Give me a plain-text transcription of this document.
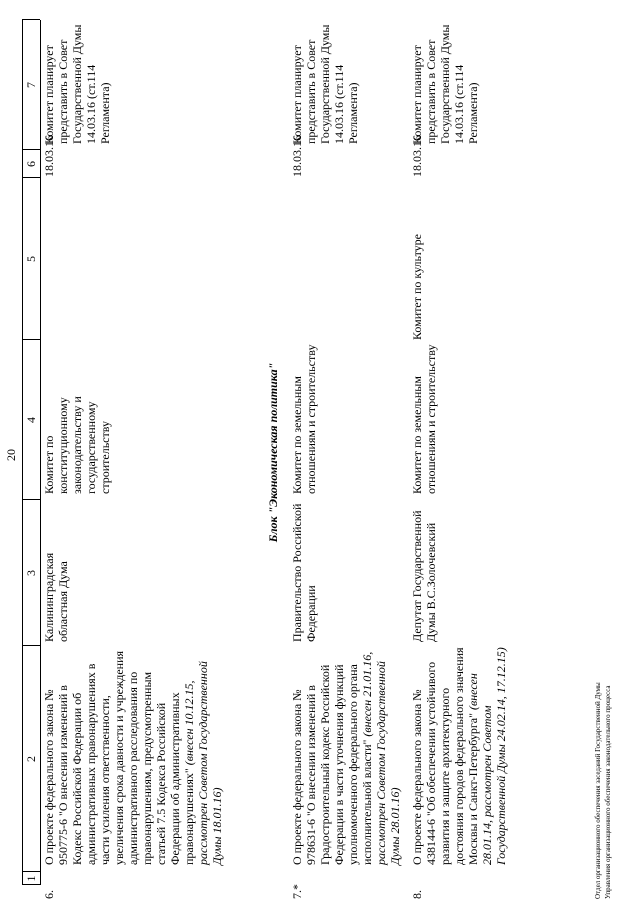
20
1
2
3
4
5
6
7
6.
О проекте федерального закона № 950775-6 "О внесении изменений в Кодекс Российской Федерации об административных правонарушениях в части усиления ответственности, увеличения срока давности и учреждения административного расследования по правонарушениям, предусмотренным статьей 7.5 Кодекса Российской Федерации об административных правонарушениях" (внесен 10.12.15, рассмотрен Советом Государственной Думы 18.01.16)
Калининградская областная Дума
Комитет по конституционному законодательству и государственному строительству
18.03.16
Комитет планирует представить в Совет Государственной Думы 14.03.16 (ст.114 Регламента)
Блок "Экономическая политика"
7.*
О проекте федерального закона № 978631-6 "О внесении изменений в Градостроительный кодекс Российской Федерации в части уточнения функций уполномоченного федерального органа исполнительной власти" (внесен 21.01.16, рассмотрен Советом Государственной Думы 28.01.16)
Правительство Российской Федерации
Комитет по земельным отношениям и строительству
18.03.16
Комитет планирует представить в Совет Государственной Думы 14.03.16 (ст.114 Регламента)
8.
О проекте федерального закона № 438144-6 "Об обеспечении устойчивого развития и защите архитектурного достояния городов федерального значения Москвы и Санкт-Петербурга" (внесен 28.01.14, рассмотрен Советом Государственной Думы 24.02.14, 17.12.15)
Депутат Государственной Думы В.С.Золочевский
Комитет по земельным отношениям и строительству
Комитет по культуре
18.03.16
Комитет планирует представить в Совет Государственной Думы 14.03.16 (ст.114 Регламента)
Отдел организационного обеспечения заседаний Государственной Думы Управления организационного обеспечения законодательного процесса
